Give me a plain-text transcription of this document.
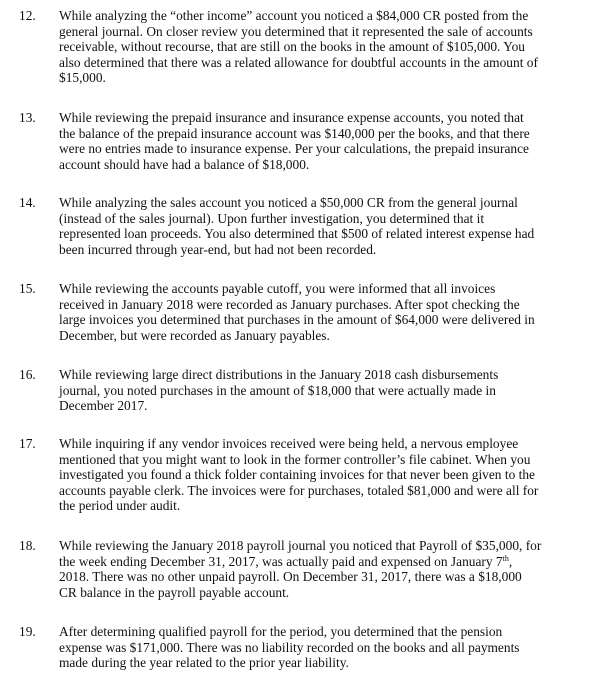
12. While analyzing the “other income” account you noticed a $84,000 CR posted from the
general journal. On closer review you determined that it represented the sale of accounts
receivable, without recourse, that are still on the books in the amount of $105,000. You
also determined that there was a related allowance for doubtful accounts in the amount of
$15,000.
13. While reviewing the prepaid insurance and insurance expense accounts, you noted that
the balance of the prepaid insurance account was $140,000 per the books, and that there
were no entries made to insurance expense. Per your calculations, the prepaid insurance
account should have had a balance of $18,000.
14. While analyzing the sales account you noticed a $50,000 CR from the general journal
(instead of the sales journal). Upon further investigation, you determined that it
represented loan proceeds. You also determined that $500 of related interest expense had
been incurred through year-end, but had not been recorded.
15. While reviewing the accounts payable cutoff, you were informed that all invoices
received in January 2018 were recorded as January purchases. After spot checking the
large invoices you determined that purchases in the amount of $64,000 were delivered in
December, but were recorded as January payables.
16. While reviewing large direct distributions in the January 2018 cash disbursements
journal, you noted purchases in the amount of $18,000 that were actually made in
December 2017.
17. While inquiring if any vendor invoices received were being held, a nervous employee
mentioned that you might want to look in the former controller’s file cabinet. When you
investigated you found a thick folder containing invoices for that never been given to the
accounts payable clerk. The invoices were for purchases, totaled $81,000 and were all for
the period under audit.
18. While reviewing the January 2018 payroll journal you noticed that Payroll of $35,000, for
the week ending December 31, 2017, was actually paid and expensed on January 7th,
2018. There was no other unpaid payroll. On December 31, 2017, there was a $18,000
CR balance in the payroll payable account.
19. After determining qualified payroll for the period, you determined that the pension
expense was $171,000. There was no liability recorded on the books and all payments
made during the year related to the prior year liability.
